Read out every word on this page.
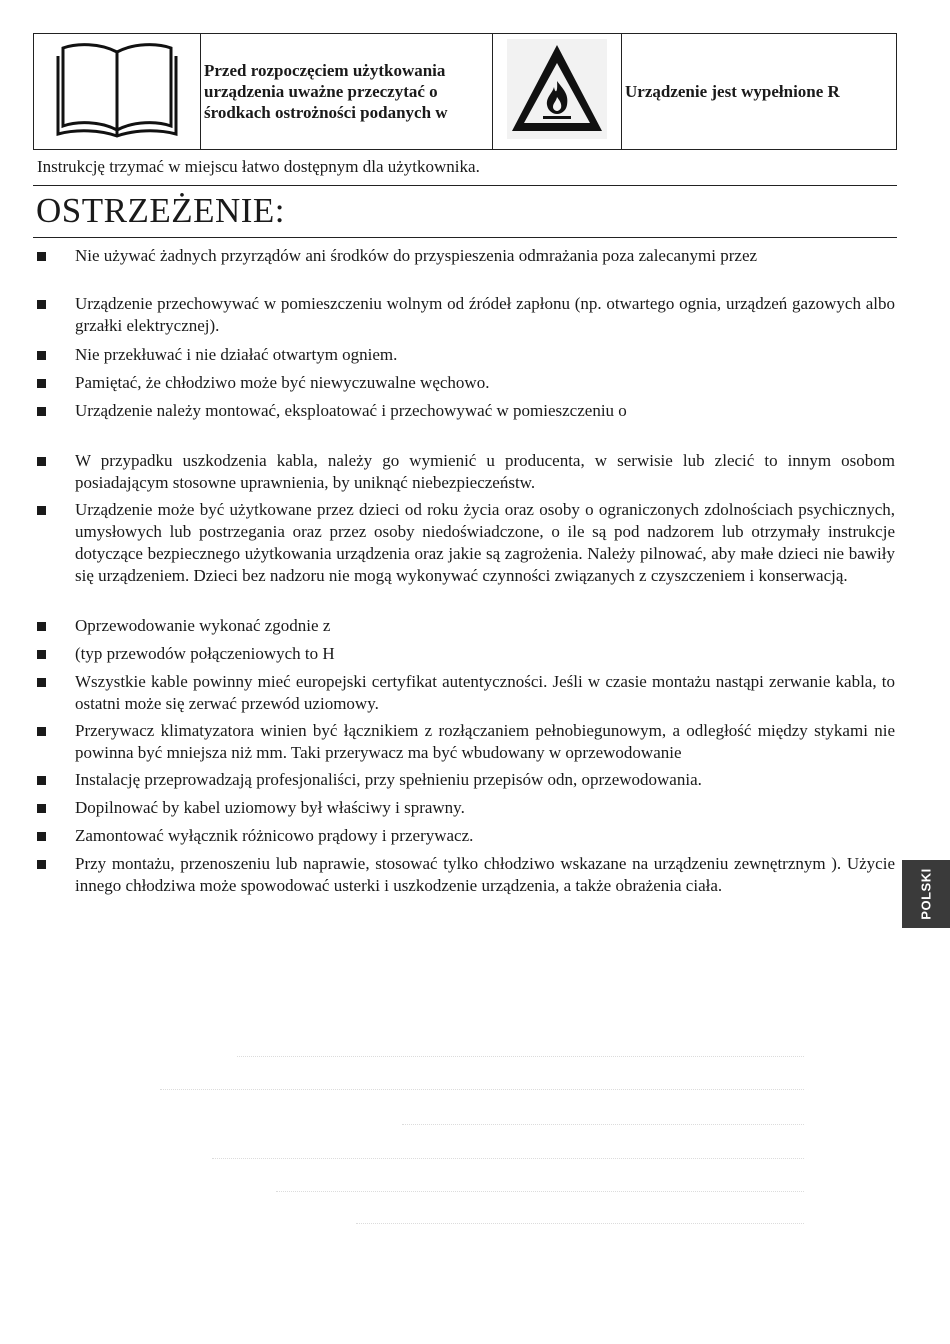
	Przed rozpoczęciem użytkowania urządzenia uważne przeczytać o środkach ostrożności podanych w		Urządzenie jest wypełnione R
Instrukcję trzymać w miejscu łatwo dostępnym dla użytkownika.
OSTRZEŻENIE:
Nie używać żadnych przyrządów ani środków do przyspieszenia odmrażania poza zalecanymi przez
Urządzenie przechowywać w pomieszczeniu wolnym od źródeł zapłonu (np. otwartego ognia, urządzeń gazowych albo grzałki elektrycznej).
Nie przekłuwać i nie działać otwartym ogniem.
Pamiętać, że chłodziwo może być niewyczuwalne węchowo.
Urządzenie należy montować, eksploatować i przechowywać w pomieszczeniu o
W przypadku uszkodzenia kabla, należy go wymienić u producenta, w serwisie lub zlecić to innym osobom posiadającym stosowne uprawnienia, by uniknąć niebezpieczeństw.
Urządzenie może być użytkowane przez dzieci od roku życia oraz osoby o ograniczonych zdolnościach psychicznych, umysłowych lub postrzegania oraz przez osoby niedoświadczone, o ile są pod nadzorem lub otrzymały instrukcje dotyczące bezpiecznego użytkowania urządzenia oraz jakie są zagrożenia. Należy pilnować, aby małe dzieci nie bawiły się urządzeniem. Dzieci bez nadzoru nie mogą wykonywać czynności związanych z czyszczeniem i konserwacją.
Oprzewodowanie wykonać zgodnie z
(typ przewodów połączeniowych to H
Wszystkie kable powinny mieć europejski certyfikat autentyczności. Jeśli w czasie montażu nastąpi zerwanie kabla, to ostatni może się zerwać przewód uziomowy.
Przerywacz klimatyzatora winien być łącznikiem z rozłączaniem pełnobiegunowym, a odległość między stykami nie powinna być mniejsza niż mm. Taki przerywacz ma być wbudowany w oprzewodowanie
Instalację przeprowadzają profesjonaliści, przy spełnieniu przepisów odn, oprzewodowania.
Dopilnować by kabel uziomowy był właściwy i sprawny.
Zamontować wyłącznik różnicowo prądowy i przerywacz.
Przy montażu, przenoszeniu lub naprawie, stosować tylko chłodziwo wskazane na urządzeniu zewnętrznym ). Użycie innego chłodziwa może spowodować usterki i uszkodzenie urządzenia, a także obrażenia ciała.	POLSKI
